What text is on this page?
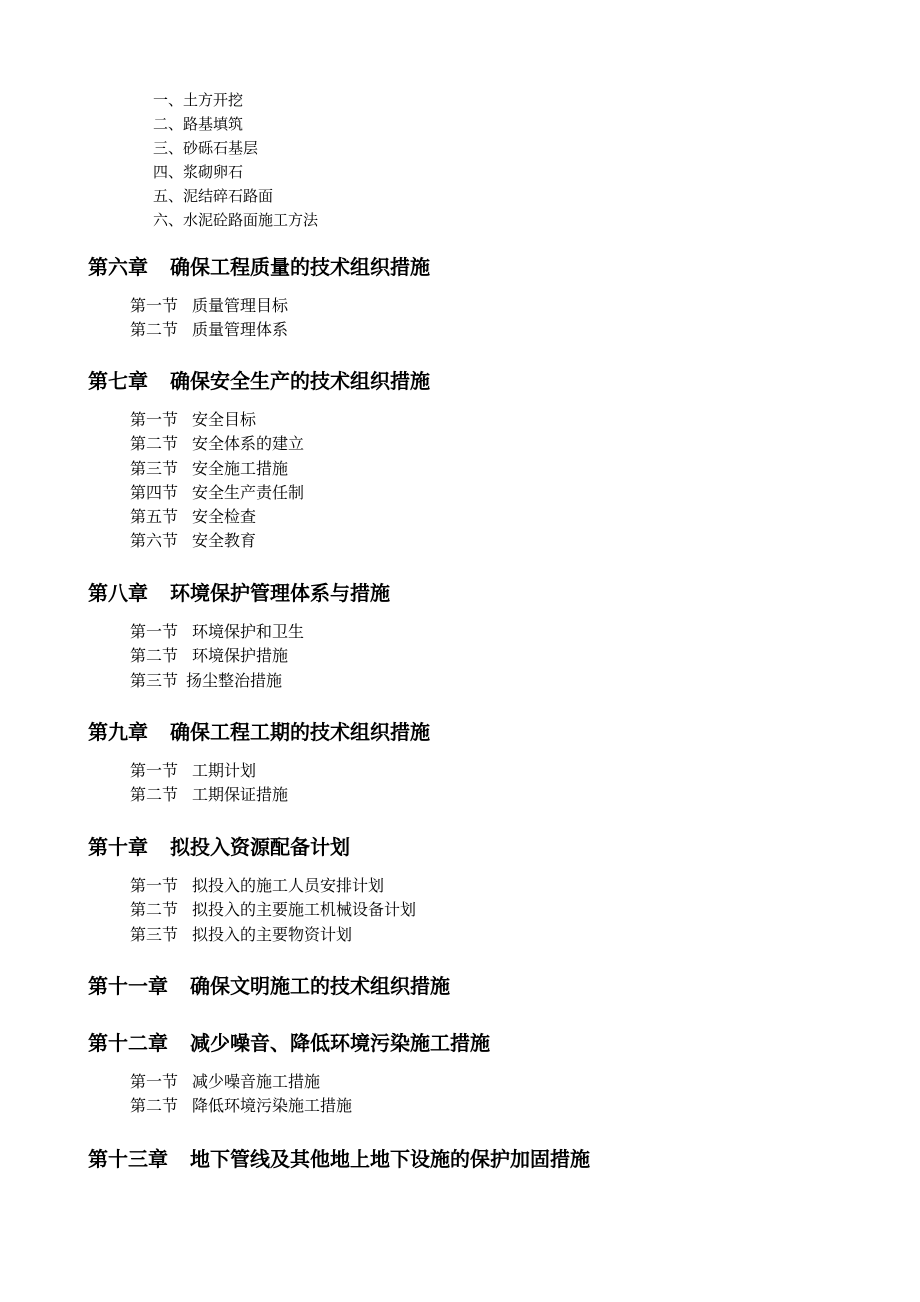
一、土方开挖
二、路基填筑
三、砂砾石基层
四、浆砌卵石
五、泥结碎石路面
六、水泥砼路面施工方法
第六章 确保工程质量的技术组织措施
第一节 质量管理目标
第二节 质量管理体系
第七章 确保安全生产的技术组织措施
第一节 安全目标
第二节 安全体系的建立
第三节 安全施工措施
第四节 安全生产责任制
第五节 安全检查
第六节 安全教育
第八章 环境保护管理体系与措施
第一节 环境保护和卫生
第二节 环境保护措施
第三节 扬尘整治措施
第九章 确保工程工期的技术组织措施
第一节 工期计划
第二节 工期保证措施
第十章 拟投入资源配备计划
第一节 拟投入的施工人员安排计划
第二节 拟投入的主要施工机械设备计划
第三节 拟投入的主要物资计划
第十一章 确保文明施工的技术组织措施
第十二章 减少噪音、降低环境污染施工措施
第一节 减少噪音施工措施
第二节 降低环境污染施工措施
第十三章 地下管线及其他地上地下设施的保护加固措施
